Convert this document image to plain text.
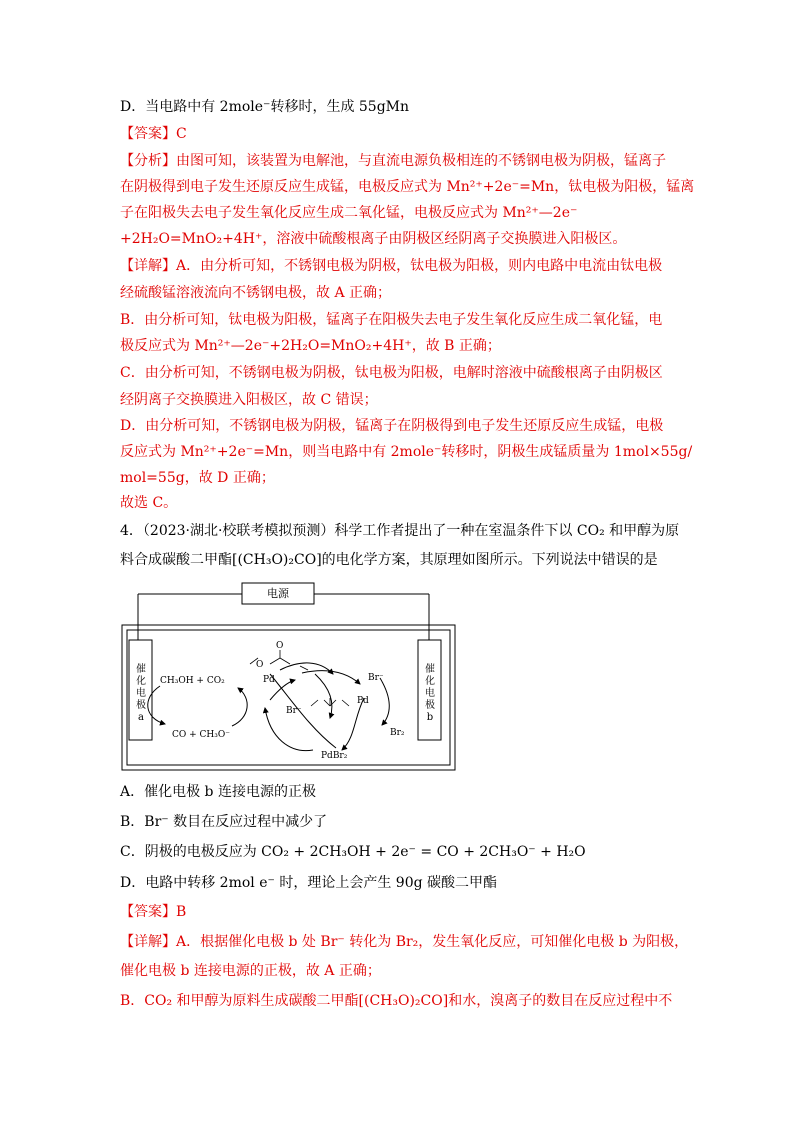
D．当电路中有 2mole⁻转移时，生成 55gMn
【答案】C
【分析】由图可知，该装置为电解池，与直流电源负极相连的不锈钢电极为阴极，锰离子
在阴极得到电子发生还原反应生成锰，电极反应式为 Mn²⁺+2e⁻=Mn，钛电极为阳极，锰离
子在阳极失去电子发生氧化反应生成二氧化锰，电极反应式为 Mn²⁺—2e⁻
+2H₂O=MnO₂+4H⁺，溶液中硫酸根离子由阴极区经阴离子交换膜进入阳极区。
【详解】A．由分析可知，不锈钢电极为阴极，钛电极为阳极，则内电路中电流由钛电极
经硫酸锰溶液流向不锈钢电极，故 A 正确；
B．由分析可知，钛电极为阳极，锰离子在阳极失去电子发生氧化反应生成二氧化锰，电
极反应式为 Mn²⁺—2e⁻+2H₂O=MnO₂+4H⁺，故 B 正确；
C．由分析可知，不锈钢电极为阴极，钛电极为阳极，电解时溶液中硫酸根离子由阴极区
经阴离子交换膜进入阳极区，故 C 错误；
D．由分析可知，不锈钢电极为阴极，锰离子在阴极得到电子发生还原反应生成锰，电极
反应式为 Mn²⁺+2e⁻=Mn，则当电路中有 2mole⁻转移时，阴极生成锰质量为 1mol×55g/
mol=55g，故 D 正确；
故选 C。
4．（2023·湖北·校联考模拟预测）科学工作者提出了一种在室温条件下以 CO₂ 和甲醇为原
料合成碳酸二甲酯[(CH₃O)₂CO]的电化学方案，其原理如图所示。下列说法中错误的是
电源
催
化
电
极
a
催
化
电
极
b
CH₃OH + CO₂
CO + CH₃O⁻
O
O
Pd
Br⁻
Br⁻
Pd
Br₂
PdBr₂
A．催化电极 b 连接电源的正极
B．Br⁻ 数目在反应过程中减少了
C．阴极的电极反应为 CO₂ + 2CH₃OH + 2e⁻ = CO + 2CH₃O⁻ + H₂O
D．电路中转移 2mol e⁻ 时，理论上会产生 90g 碳酸二甲酯
【答案】B
【详解】A．根据催化电极 b 处 Br⁻ 转化为 Br₂，发生氧化反应，可知催化电极 b 为阳极，
催化电极 b 连接电源的正极，故 A 正确；
B．CO₂ 和甲醇为原料生成碳酸二甲酯[(CH₃O)₂CO]和水，溴离子的数目在反应过程中不
